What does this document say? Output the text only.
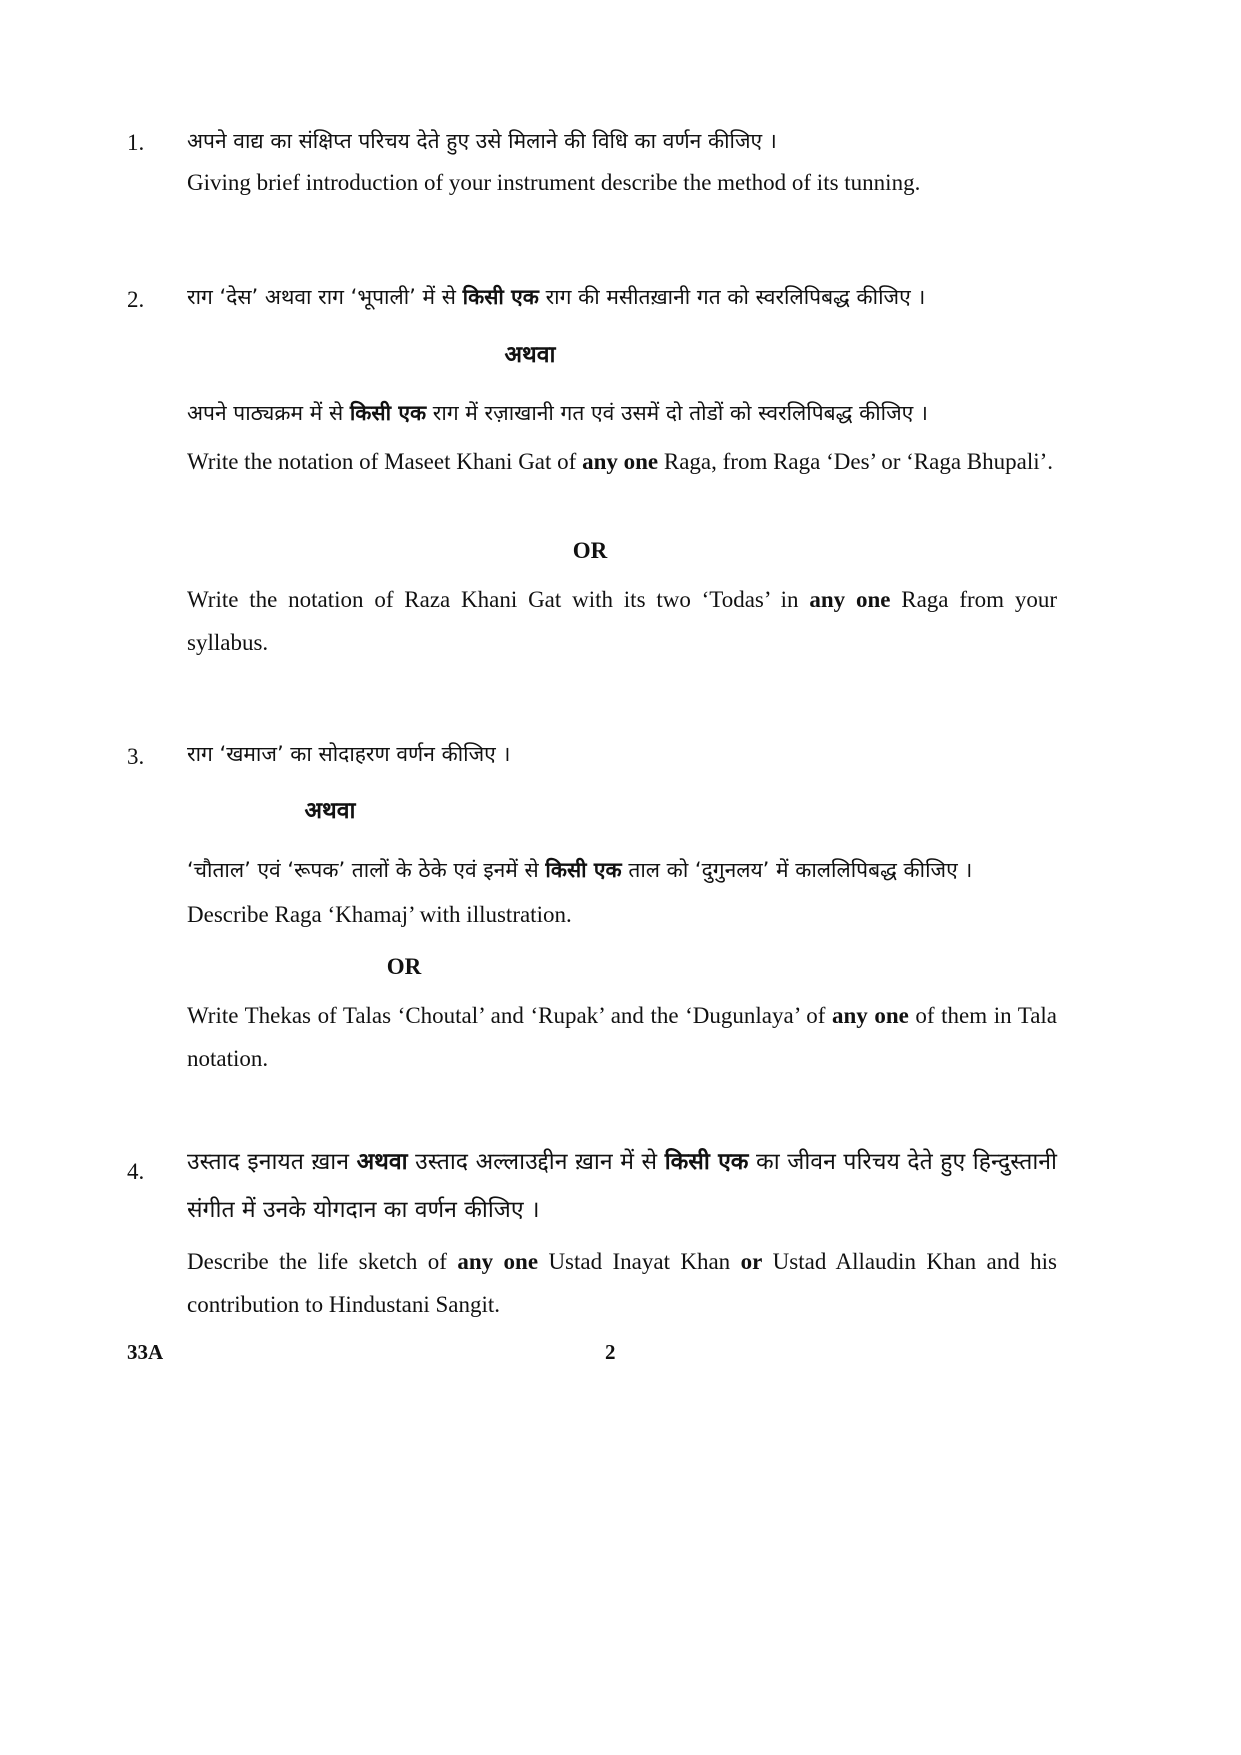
1. अपने वाद्य का संक्षिप्त परिचय देते हुए उसे मिलाने की विधि का वर्णन कीजिए ।
Giving brief introduction of your instrument describe the method of its tunning.
2. राग ‘देस’ अथवा राग ‘भूपाली’ में से किसी एक राग की मसीतख़ानी गत को स्वरलिपिबद्ध कीजिए ।
अथवा
अपने पाठ्यक्रम में से किसी एक राग में रज़ाखानी गत एवं उसमें दो तोडों को स्वरलिपिबद्ध कीजिए ।
Write the notation of Maseet Khani Gat of any one Raga, from Raga ‘Des’ or ‘Raga Bhupali’.
OR
Write the notation of Raza Khani Gat with its two ‘Todas’ in any one Raga from your syllabus.
3. राग ‘खमाज’ का सोदाहरण वर्णन कीजिए ।
अथवा
‘चौताल’ एवं ‘रूपक’ तालों के ठेके एवं इनमें से किसी एक ताल को ‘दुगुनलय’ में काललिपिबद्ध कीजिए ।
Describe Raga ‘Khamaj’ with illustration.
OR
Write Thekas of Talas ‘Choutal’ and ‘Rupak’ and the ‘Dugunlaya’ of any one of them in Tala notation.
4. उस्ताद इनायत ख़ान अथवा उस्ताद अल्लाउद्दीन ख़ान में से किसी एक का जीवन परिचय देते हुए हिन्दुस्तानी संगीत में उनके योगदान का वर्णन कीजिए ।
Describe the life sketch of any one Ustad Inayat Khan or Ustad Allaudin Khan and his contribution to Hindustani Sangit.
33A	2
